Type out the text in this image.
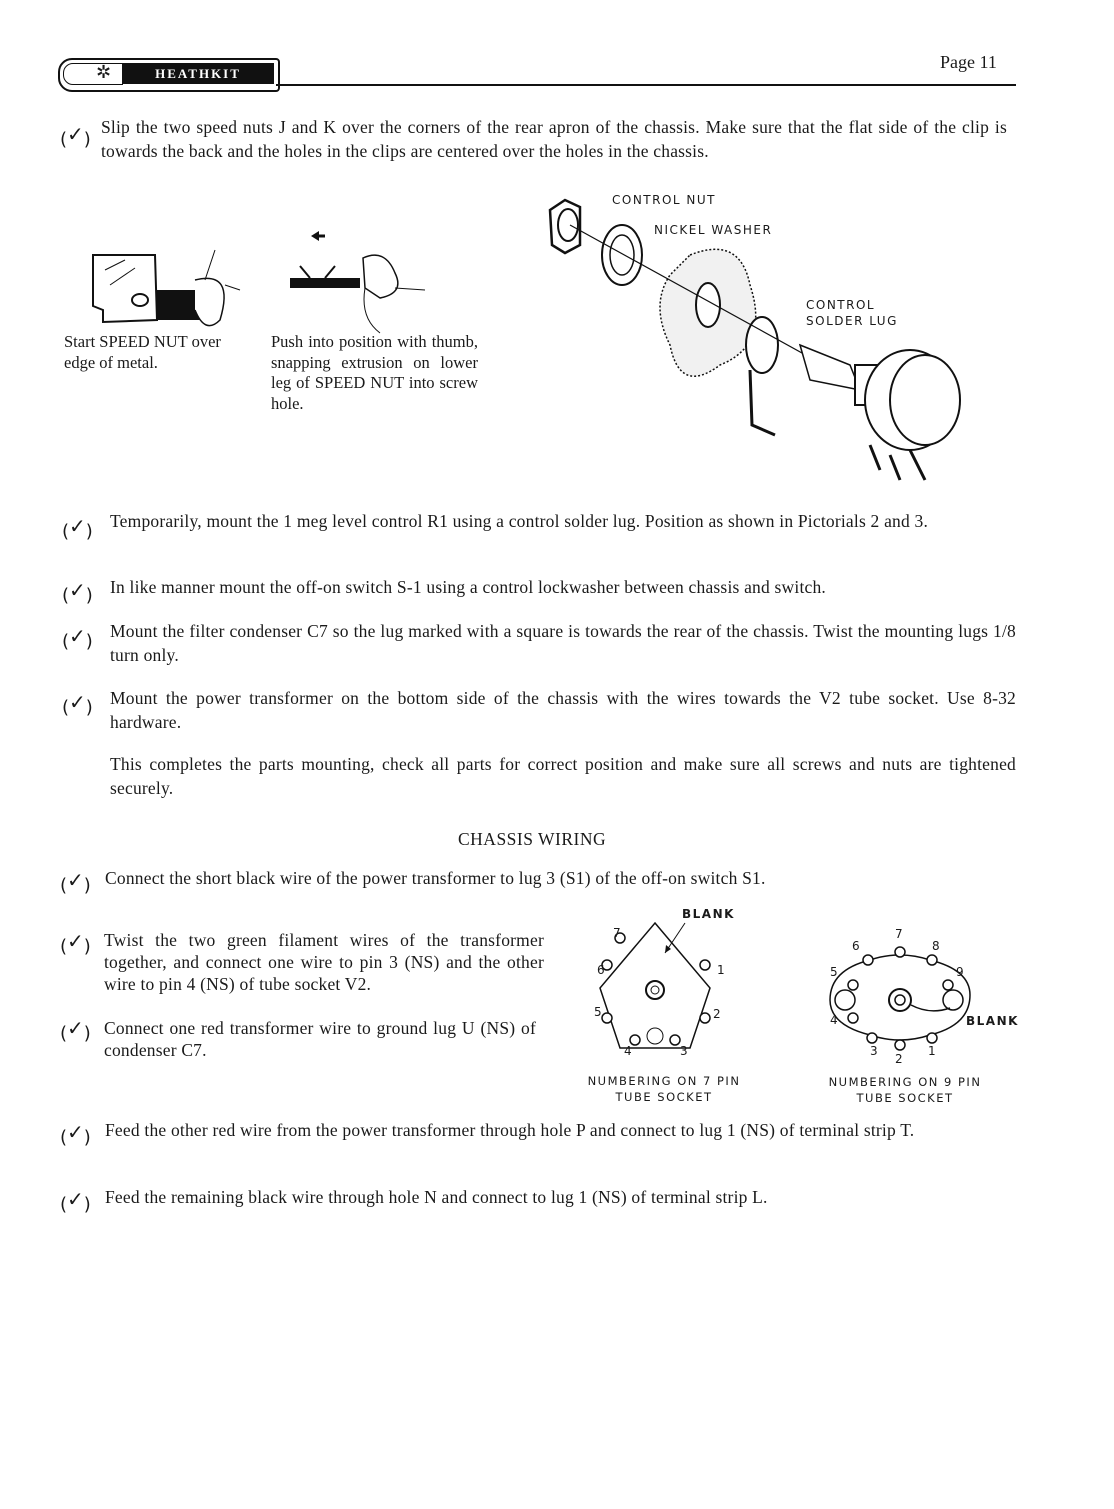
✲	HEATHKIT
Page 11
(✓)
Slip the two speed nuts J and K over the corners of the rear apron of the chassis. Make sure that the flat side of the clip is towards the back and the holes in the clips are centered over the holes in the chassis.
Start SPEED NUT over edge of metal.
Push into position with thumb, snapping extrusion on lower leg of SPEED NUT into screw hole.
CONTROL NUT
NICKEL WASHER
CONTROL
SOLDER LUG
(✓) Temporarily, mount the 1 meg level control R1 using a control solder lug. Position as shown in Pictorials 2 and 3.
(✓) In like manner mount the off-on switch S-1 using a control lockwasher between chassis and switch.
(✓) Mount the filter condenser C7 so the lug marked with a square is towards the rear of the chassis. Twist the mounting lugs 1/8 turn only.
(✓) Mount the power transformer on the bottom side of the chassis with the wires towards the V2 tube socket. Use 8-32 hardware.
This completes the parts mounting, check all parts for correct position and make sure all screws and nuts are tightened securely.
CHASSIS WIRING
(✓) Connect the short black wire of the power transformer to lug 3 (S1) of the off-on switch S1.
(✓) Twist the two green filament wires of the transformer together, and connect one wire to pin 3 (NS) and the other wire to pin 4 (NS) of tube socket V2.
(✓) Connect one red transformer wire to ground lug U (NS) of condenser C7.
BLANK
7
6	1
5	2
4	3
NUMBERING ON 7 PIN
TUBE SOCKET
7
6	8
5	9
4	BLANK
3
2
1
NUMBERING ON 9 PIN
TUBE SOCKET
(✓) Feed the other red wire from the power transformer through hole P and connect to lug 1 (NS) of terminal strip T.
(✓) Feed the remaining black wire through hole N and connect to lug 1 (NS) of terminal strip L.
